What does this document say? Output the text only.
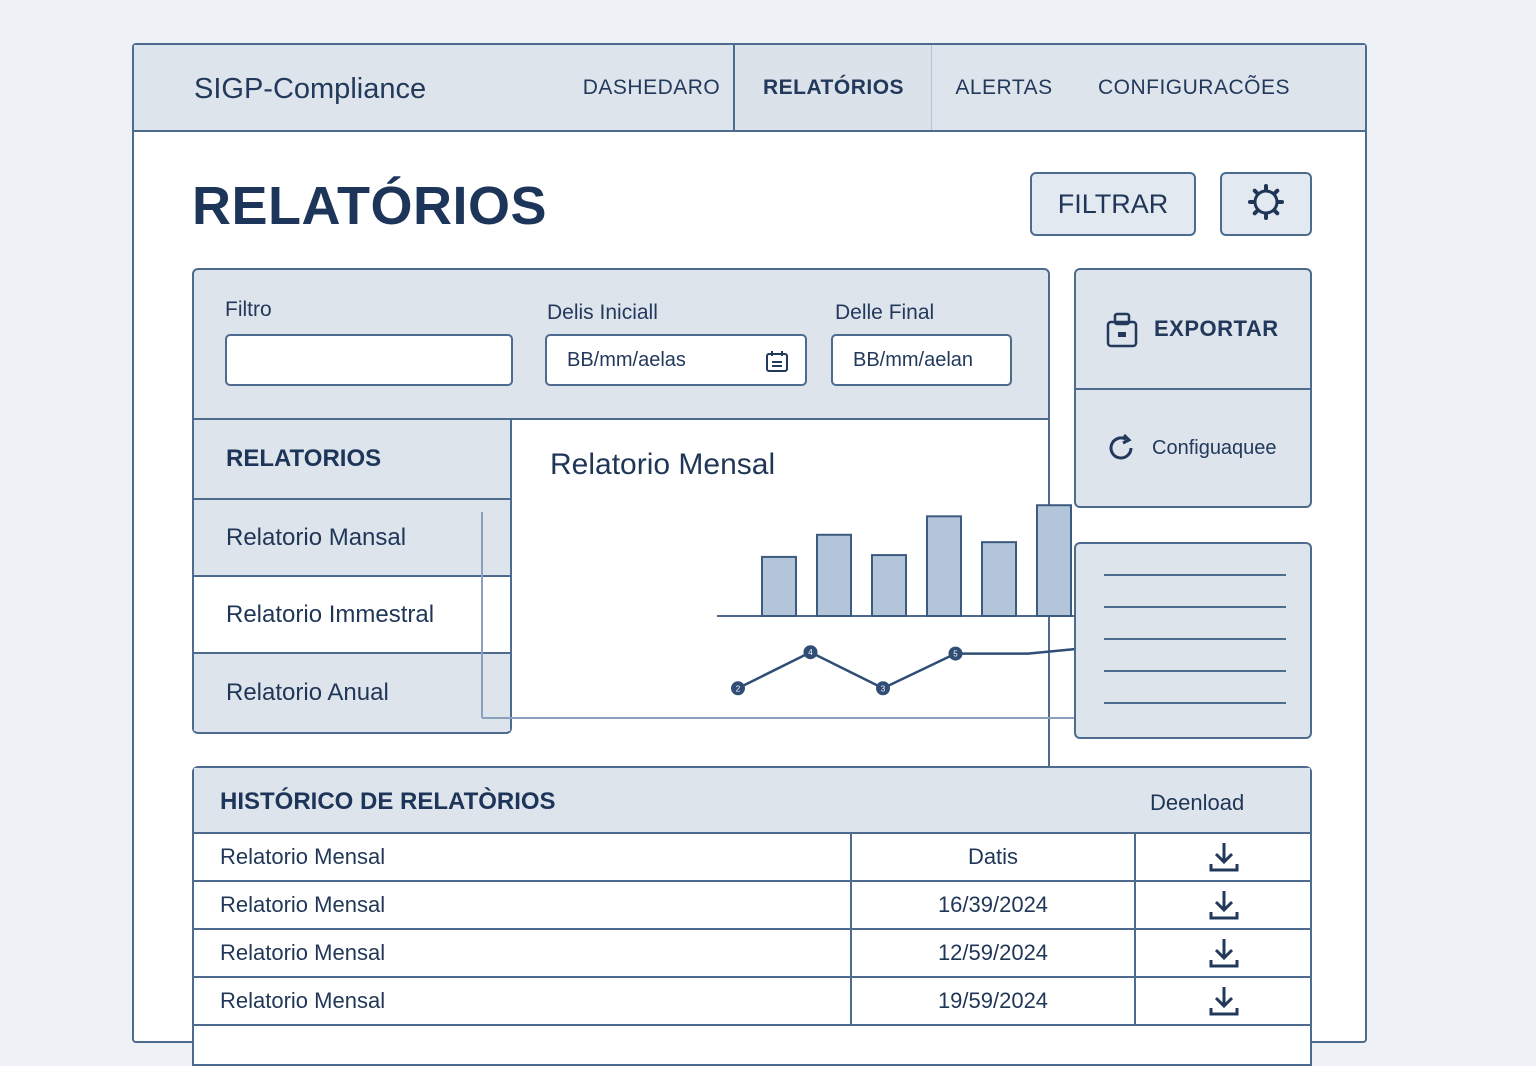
SIGP-Compliance	DASHEDARO	RELATÓRIOS	ALERTAS	CONFIGURACÕES
RELATÓRIOS	FILTRAR
Filtro	Delis Iniciall
BB/mm/aelas
Delle Final
BB/mm/aelan
RELATORIOS
Relatorio Mansal
Relatorio Immestral
Relatorio Anual
Relatorio Mensal
2
4
3
5
EXPORTAR
Configuaquee
HISTÓRICO DE RELATÒRIOS	Deenload
Relatorio Mensal	Datis
Relatorio Mensal	16/39/2024
Relatorio Mensal	12/59/2024
Relatorio Mensal	19/59/2024
